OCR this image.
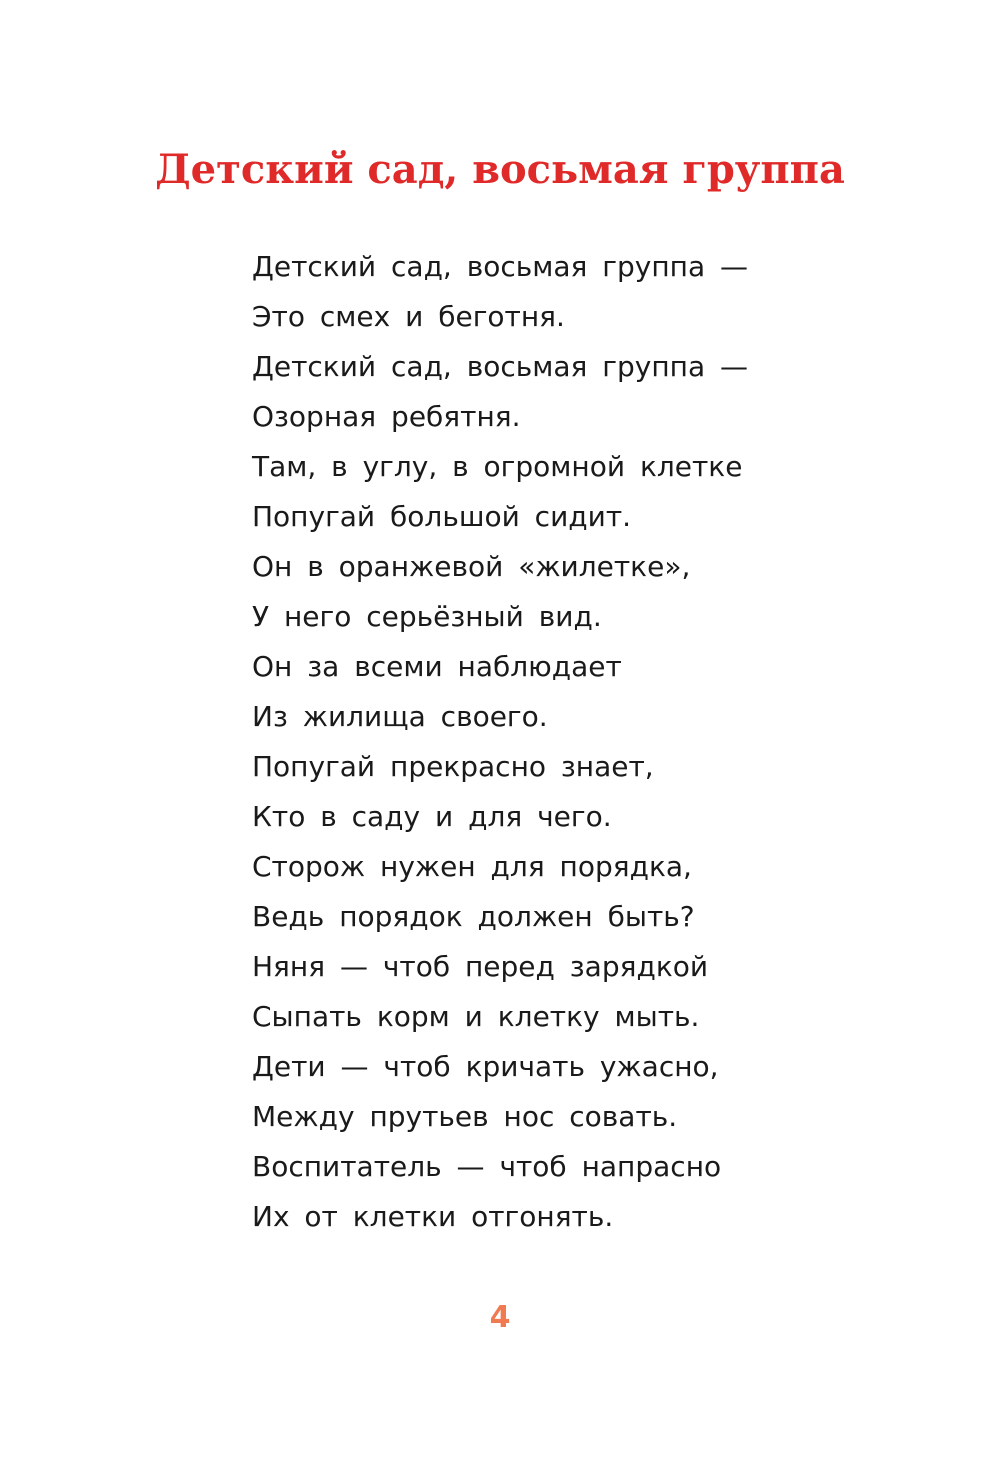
Детский сад, восьмая группа
Детский сад, восьмая группа —
Это смех и беготня.
Детский сад, восьмая группа —
Озорная ребятня.
Там, в углу, в огромной клетке
Попугай большой сидит.
Он в оранжевой «жилетке»,
У него серьёзный вид.
Он за всеми наблюдает
Из жилища своего.
Попугай прекрасно знает,
Кто в саду и для чего.
Сторож нужен для порядка,
Ведь порядок должен быть?
Няня — чтоб перед зарядкой
Сыпать корм и клетку мыть.
Дети — чтоб кричать ужасно,
Между прутьев нос совать.
Воспитатель — чтоб напрасно
Их от клетки отгонять.
4
